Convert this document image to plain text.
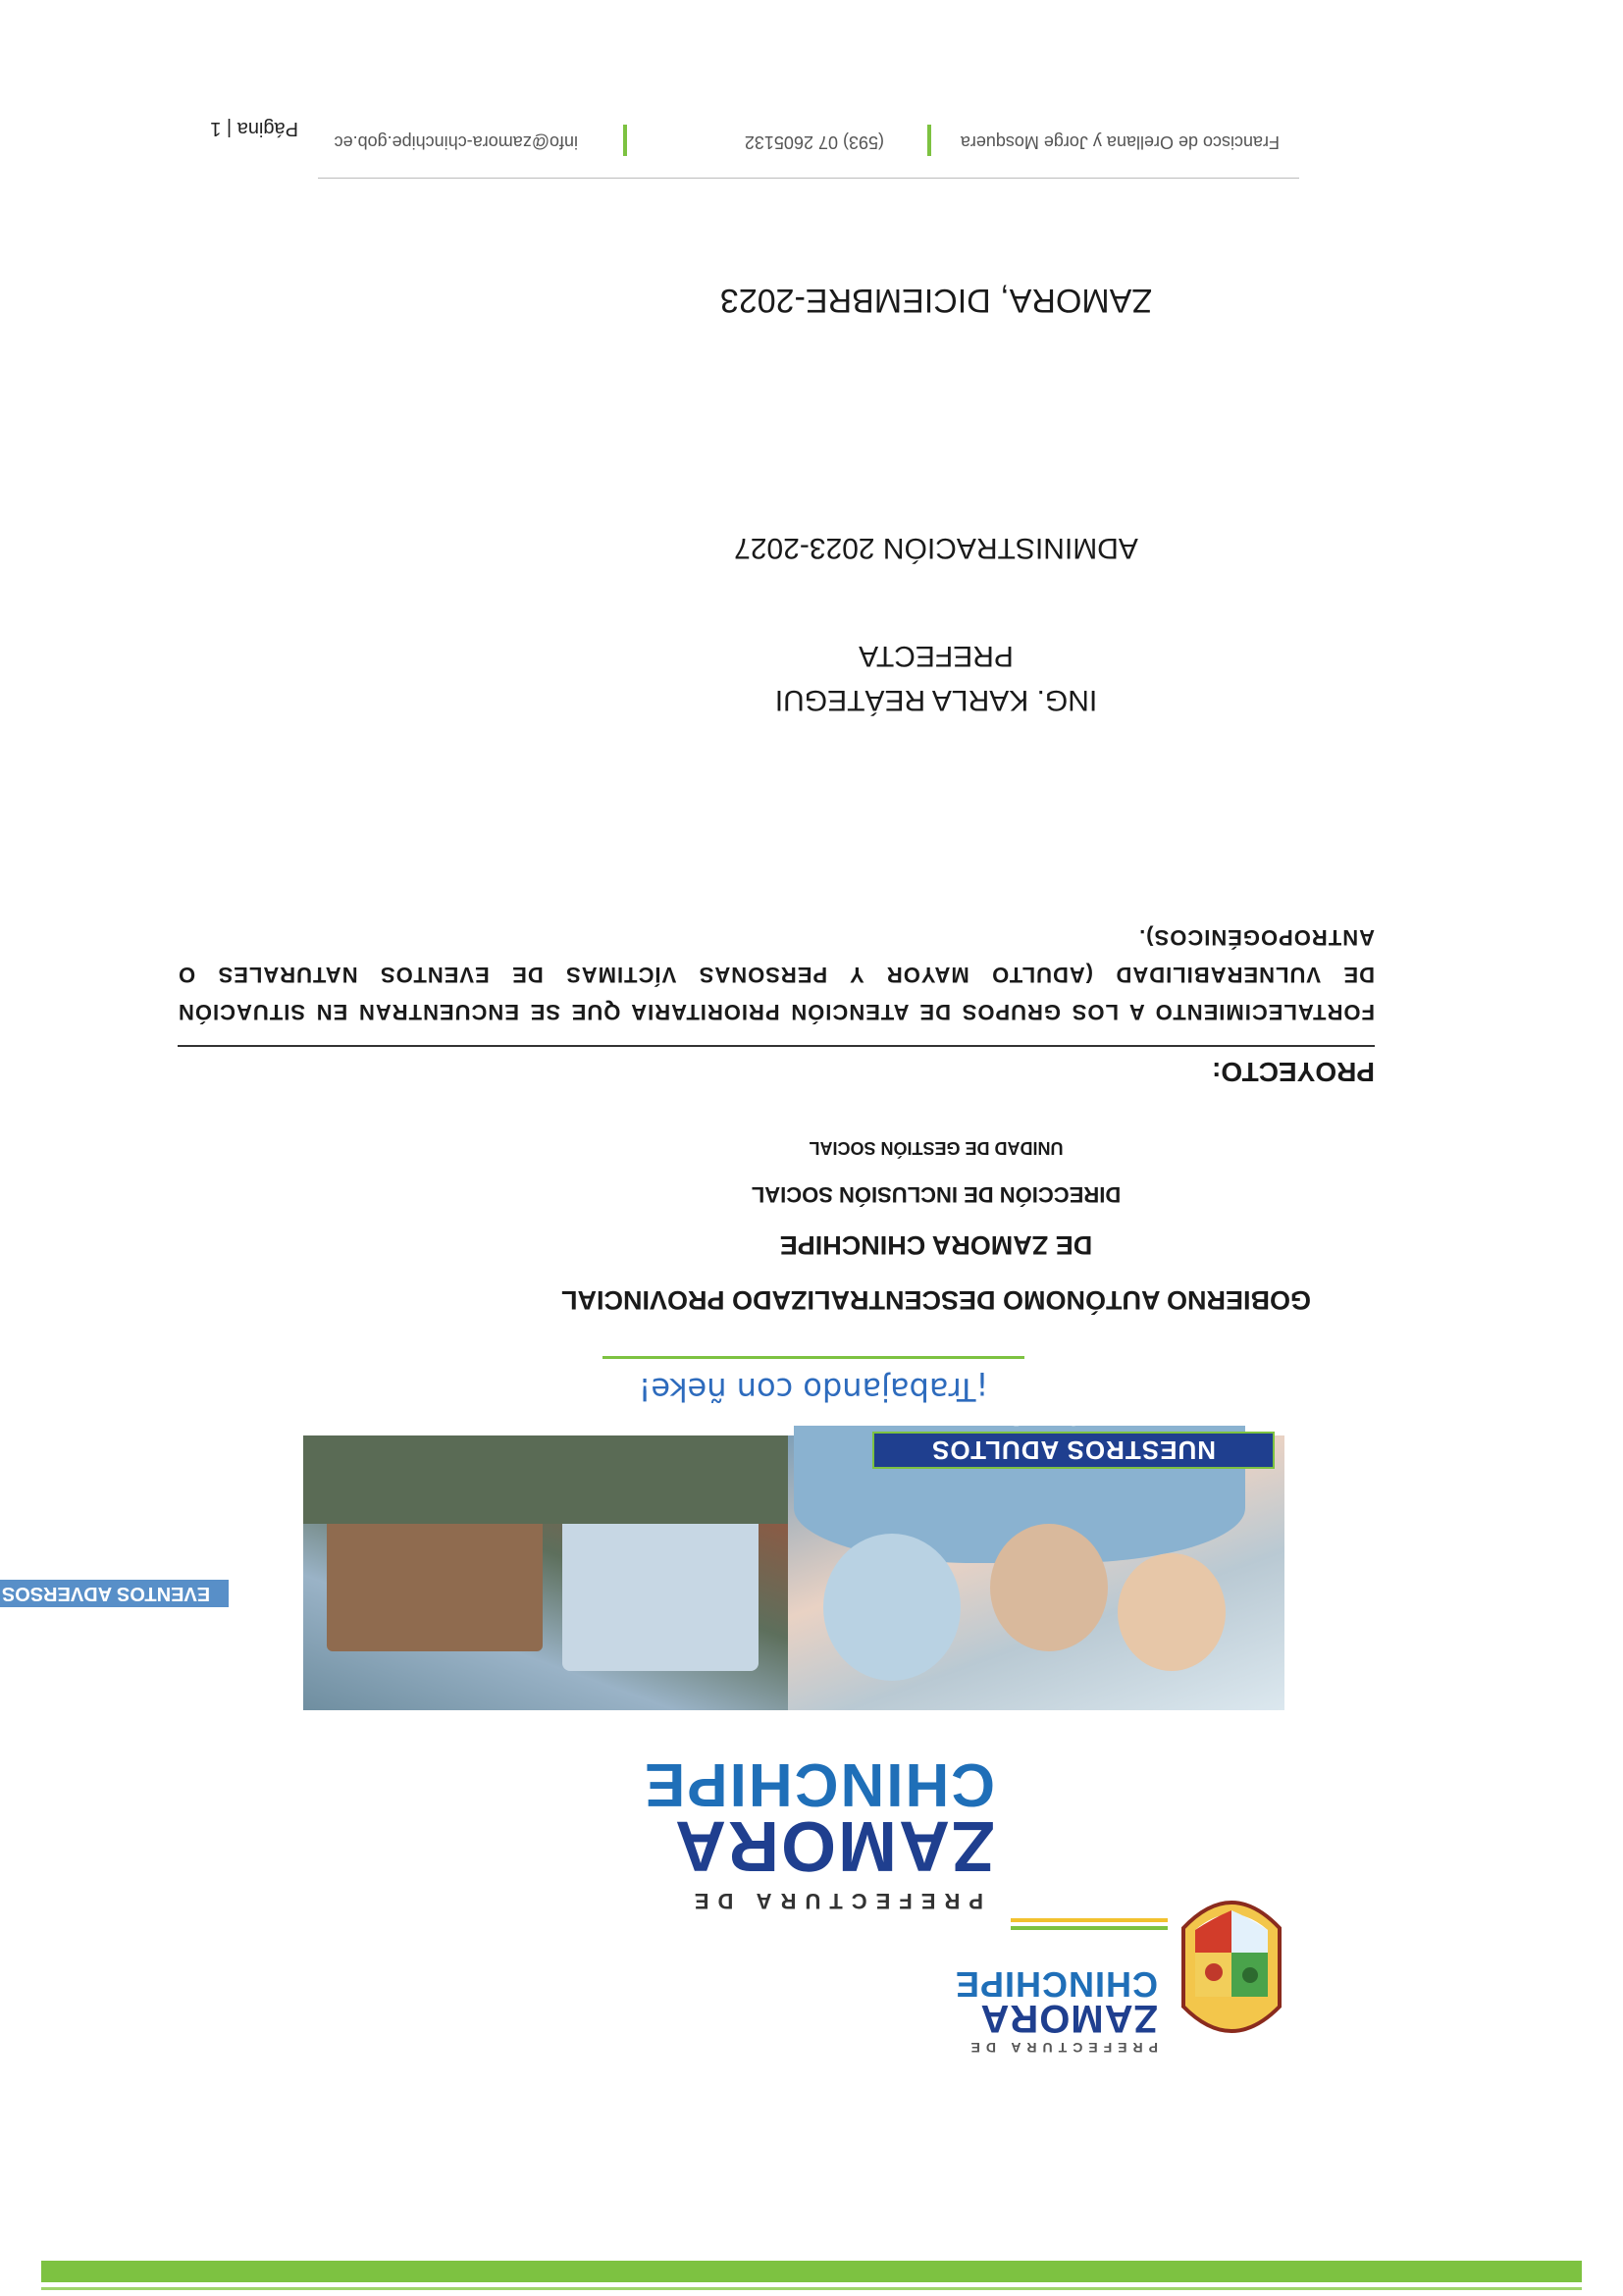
PREFECTURA DE
ZAMORA
CHINCHIPE
PREFECTURA DE
ZAMORA
CHINCHIPE
NUESTROS ADULTOS MAYORES
EVENTOS ADVERSOS
¡Trabajando con ñeke!
GOBIERNO AUTÓNOMO DESCENTRALIZADO PROVINCIAL
DE ZAMORA CHINCHIPE
DIRECCIÓN DE INCLUSIÓN SOCIAL
UNIDAD DE GESTIÓN SOCIAL
PROYECTO:
FORTALECIMIENTO A LOS GRUPOS DE ATENCIÓN PRIORITARIA QUE SE ENCUENTRAN EN SITUACIÓN DE VULNERABILIDAD (ADULTO MAYOR Y PERSONAS VÍCTIMAS DE EVENTOS NATURALES O ANTROPOGÉNICOS).
ING. KARLA REÁTEGUI
PREFECTA
ADMINISTRACIÓN 2023-2027
ZAMORA, DICIEMBRE-2023
Francisco de Orellana y Jorge Mosquera
(593) 07 2605132
info@zamora-chinchipe.gob.ec
Página | 1
